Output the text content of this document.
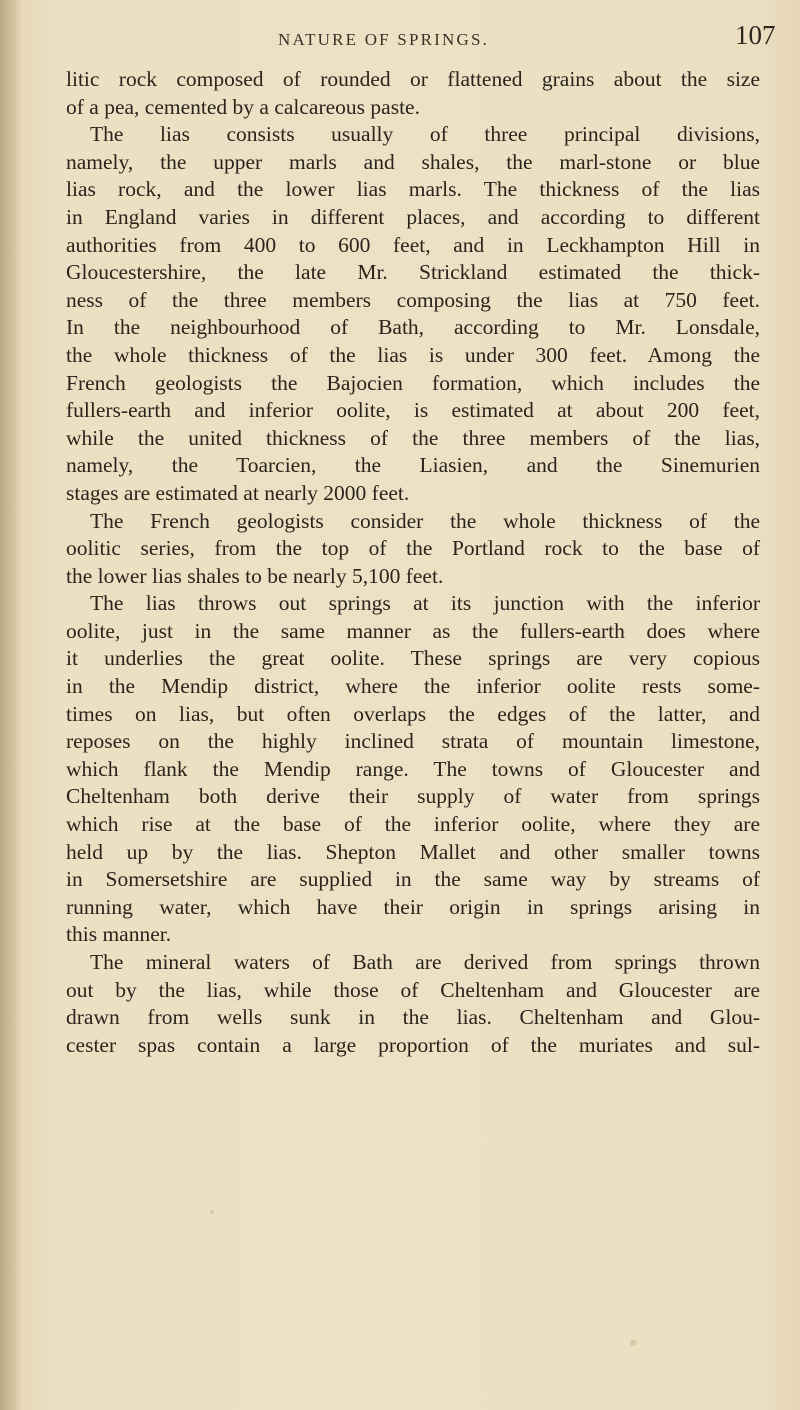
NATURE OF SPRINGS.	107
litic rock composed of rounded or flattened grains about the size
of a pea, cemented by a calcareous paste.
The lias consists usually of three principal divisions,
namely, the upper marls and shales, the marl-stone or blue
lias rock, and the lower lias marls. The thickness of the lias
in England varies in different places, and according to different
authorities from 400 to 600 feet, and in Leckhampton Hill in
Gloucestershire, the late Mr. Strickland estimated the thick-
ness of the three members composing the lias at 750 feet.
In the neighbourhood of Bath, according to Mr. Lonsdale,
the whole thickness of the lias is under 300 feet. Among the
French geologists the Bajocien formation, which includes the
fullers-earth and inferior oolite, is estimated at about 200 feet,
while the united thickness of the three members of the lias,
namely, the Toarcien, the Liasien, and the Sinemurien
stages are estimated at nearly 2000 feet.
The French geologists consider the whole thickness of the
oolitic series, from the top of the Portland rock to the base of
the lower lias shales to be nearly 5,100 feet.
The lias throws out springs at its junction with the inferior
oolite, just in the same manner as the fullers-earth does where
it underlies the great oolite. These springs are very copious
in the Mendip district, where the inferior oolite rests some-
times on lias, but often overlaps the edges of the latter, and
reposes on the highly inclined strata of mountain limestone,
which flank the Mendip range. The towns of Gloucester and
Cheltenham both derive their supply of water from springs
which rise at the base of the inferior oolite, where they are
held up by the lias. Shepton Mallet and other smaller towns
in Somersetshire are supplied in the same way by streams of
running water, which have their origin in springs arising in
this manner.
The mineral waters of Bath are derived from springs thrown
out by the lias, while those of Cheltenham and Gloucester are
drawn from wells sunk in the lias. Cheltenham and Glou-
cester spas contain a large proportion of the muriates and sul-
